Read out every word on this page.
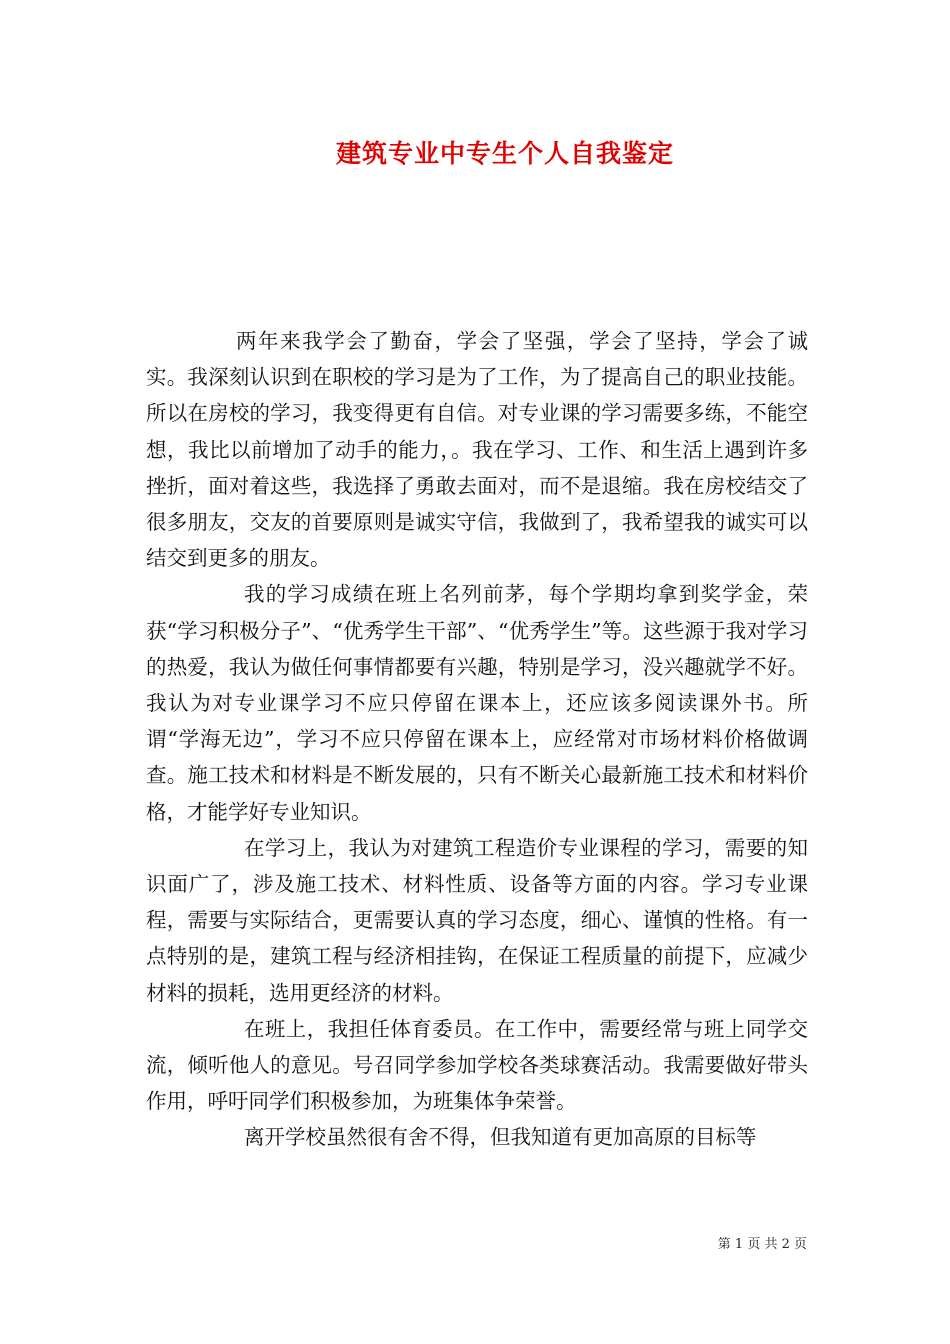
建筑专业中专生个人自我鉴定

两年来我学会了勤奋，学会了坚强，学会了坚持，学会了诚实。我深刻认识到在职校的学习是为了工作，为了提高自己的职业技能。所以在房校的学习，我变得更有自信。对专业课的学习需要多练，不能空想，我比以前增加了动手的能力，。我在学习、工作、和生活上遇到许多挫折，面对着这些，我选择了勇敢去面对，而不是退缩。我在房校结交了很多朋友，交友的首要原则是诚实守信，我做到了，我希望我的诚实可以结交到更多的朋友。

我的学习成绩在班上名列前茅，每个学期均拿到奖学金，荣获“学习积极分子”、“优秀学生干部”、“优秀学生”等。这些源于我对学习的热爱，我认为做任何事情都要有兴趣，特别是学习，没兴趣就学不好。我认为对专业课学习不应只停留在课本上，还应该多阅读课外书。所谓“学海无边”，学习不应只停留在课本上，应经常对市场材料价格做调查。施工技术和材料是不断发展的，只有不断关心最新施工技术和材料价格，才能学好专业知识。

在学习上，我认为对建筑工程造价专业课程的学习，需要的知识面广了，涉及施工技术、材料性质、设备等方面的内容。学习专业课程，需要与实际结合，更需要认真的学习态度，细心、谨慎的性格。有一点特别的是，建筑工程与经济相挂钩，在保证工程质量的前提下，应减少材料的损耗，选用更经济的材料。

在班上，我担任体育委员。在工作中，需要经常与班上同学交流，倾听他人的意见。号召同学参加学校各类球赛活动。我需要做好带头作用，呼吁同学们积极参加，为班集体争荣誉。

离开学校虽然很有舍不得，但我知道有更加高原的目标等

第 1 页 共 2 页
